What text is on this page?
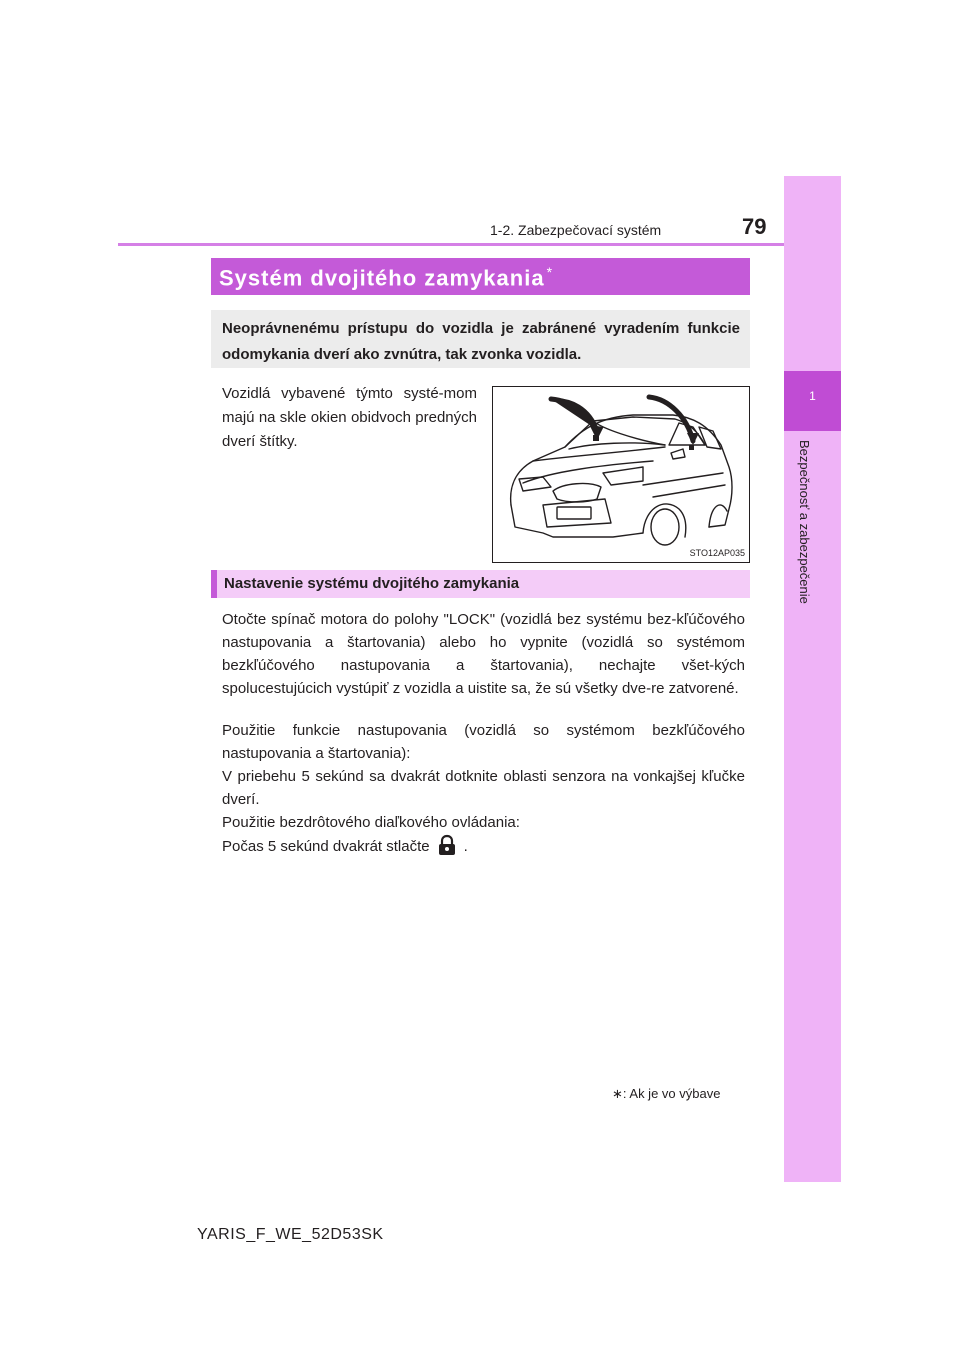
1
Bezpečnosť a zabezpečenie
1-2. Zabezpečovací systém	79
Systém dvojitého zamykania *
Neoprávnenému prístupu do vozidla je zabránené vyradením funkcie odomykania dverí ako zvnútra, tak zvonka vozidla.
Vozidlá vybavené týmto systé-mom majú na skle okien obidvoch predných dverí štítky.
STO12AP035
Nastavenie systému dvojitého zamykania
Otočte spínač motora do polohy "LOCK" (vozidlá bez systému bez-kľúčového nastupovania a štartovania) alebo ho vypnite (vozidlá so systémom bezkľúčového nastupovania a štartovania), nechajte všet-kých spolucestujúcich vystúpiť z vozidla a uistite sa, že sú všetky dve-re zatvorené.
Použitie funkcie nastupovania (vozidlá so systémom bezkľúčového nastupovania a štartovania):
V priebehu 5 sekúnd sa dvakrát dotknite oblasti senzora na vonkajšej kľučke dverí.
Použitie bezdrôtového diaľkového ovládania:
Počas 5 sekúnd dvakrát stlačte .
∗: Ak je vo výbave
YARIS_F_WE_52D53SK
